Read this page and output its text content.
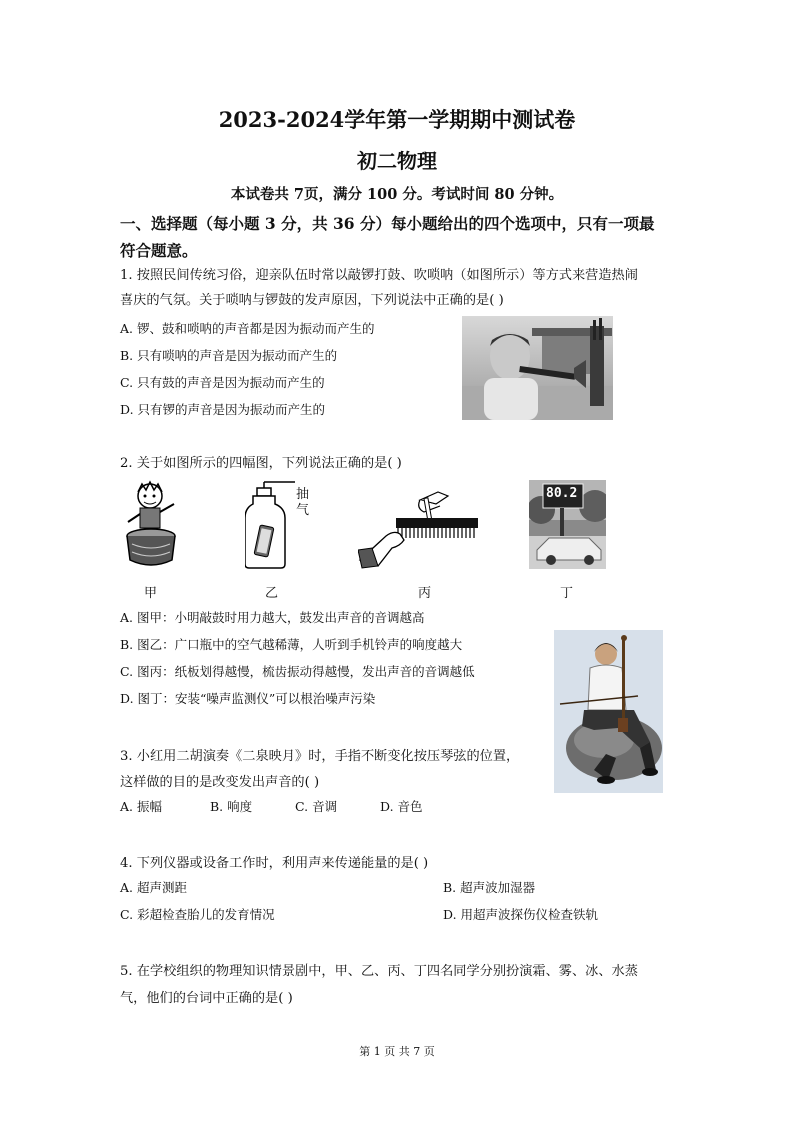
2023-2024学年第一学期期中测试卷
初二物理
本试卷共 7页，满分 100 分。考试时间 80 分钟。
一、选择题（每小题 3 分，共 36 分）每小题给出的四个选项中，只有一项最
符合题意。
1. 按照民间传统习俗，迎亲队伍时常以敲锣打鼓、吹唢呐（如图所示）等方式来营造热闹
喜庆的气氛。关于唢呐与锣鼓的发声原因，下列说法中正确的是( )
A. 锣、鼓和唢呐的声音都是因为振动而产生的
B. 只有唢呐的声音是因为振动而产生的
C. 只有鼓的声音是因为振动而产生的
D. 只有锣的声音是因为振动而产生的
2. 关于如图所示的四幅图，下列说法正确的是( )
甲
抽气
乙	丙
80.2
丁
A. 图甲：小明敲鼓时用力越大，鼓发出声音的音调越高
B. 图乙：广口瓶中的空气越稀薄，人听到手机铃声的响度越大
C. 图丙：纸板划得越慢，梳齿振动得越慢，发出声音的音调越低
D. 图丁：安装“噪声监测仪”可以根治噪声污染
3. 小红用二胡演奏《二泉映月》时，手指不断变化按压琴弦的位置，
这样做的目的是改变发出声音的( )
A. 振幅	B. 响度	C. 音调	D. 音色
4. 下列仪器或设备工作时，利用声来传递能量的是( )
A. 超声测距	B. 超声波加湿器
C. 彩超检查胎儿的发育情况	D. 用超声波探伤仪检查铁轨
5. 在学校组织的物理知识情景剧中，甲、乙、丙、丁四名同学分别扮演霜、雾、冰、水蒸
气，他们的台词中正确的是( )
第 1 页 共 7 页
